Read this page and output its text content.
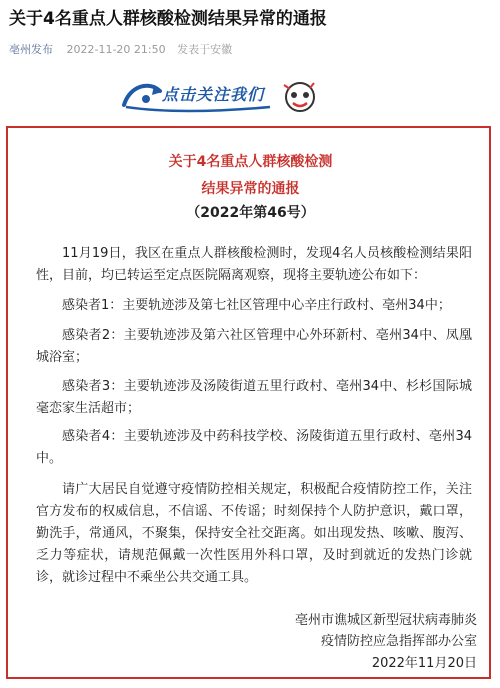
关于4名重点人群核酸检测结果异常的通报
亳州发布 2022-11-20 21:50 发表于安徽
点击关注我们
关于4名重点人群核酸检测
结果异常的通报
（2022年第46号）
11月19日，我区在重点人群核酸检测时，发现4名人员核酸检测结果阳性，目前，均已转运至定点医院隔离观察，现将主要轨迹公布如下：
感染者1：主要轨迹涉及第七社区管理中心辛庄行政村、亳州34中；
感染者2：主要轨迹涉及第六社区管理中心外环新村、亳州34中、凤凰城浴室；
感染者3：主要轨迹涉及汤陵街道五里行政村、亳州34中、杉杉国际城毫恋家生活超市；
感染者4：主要轨迹涉及中药科技学校、汤陵街道五里行政村、亳州34中。
请广大居民自觉遵守疫情防控相关规定，积极配合疫情防控工作，关注官方发布的权威信息，不信谣、不传谣；时刻保持个人防护意识，戴口罩，勤洗手，常通风，不聚集，保持安全社交距离。如出现发热、咳嗽、腹泻、乏力等症状，请规范佩戴一次性医用外科口罩，及时到就近的发热门诊就诊，就诊过程中不乘坐公共交通工具。
亳州市谯城区新型冠状病毒肺炎
疫情防控应急指挥部办公室
2022年11月20日
